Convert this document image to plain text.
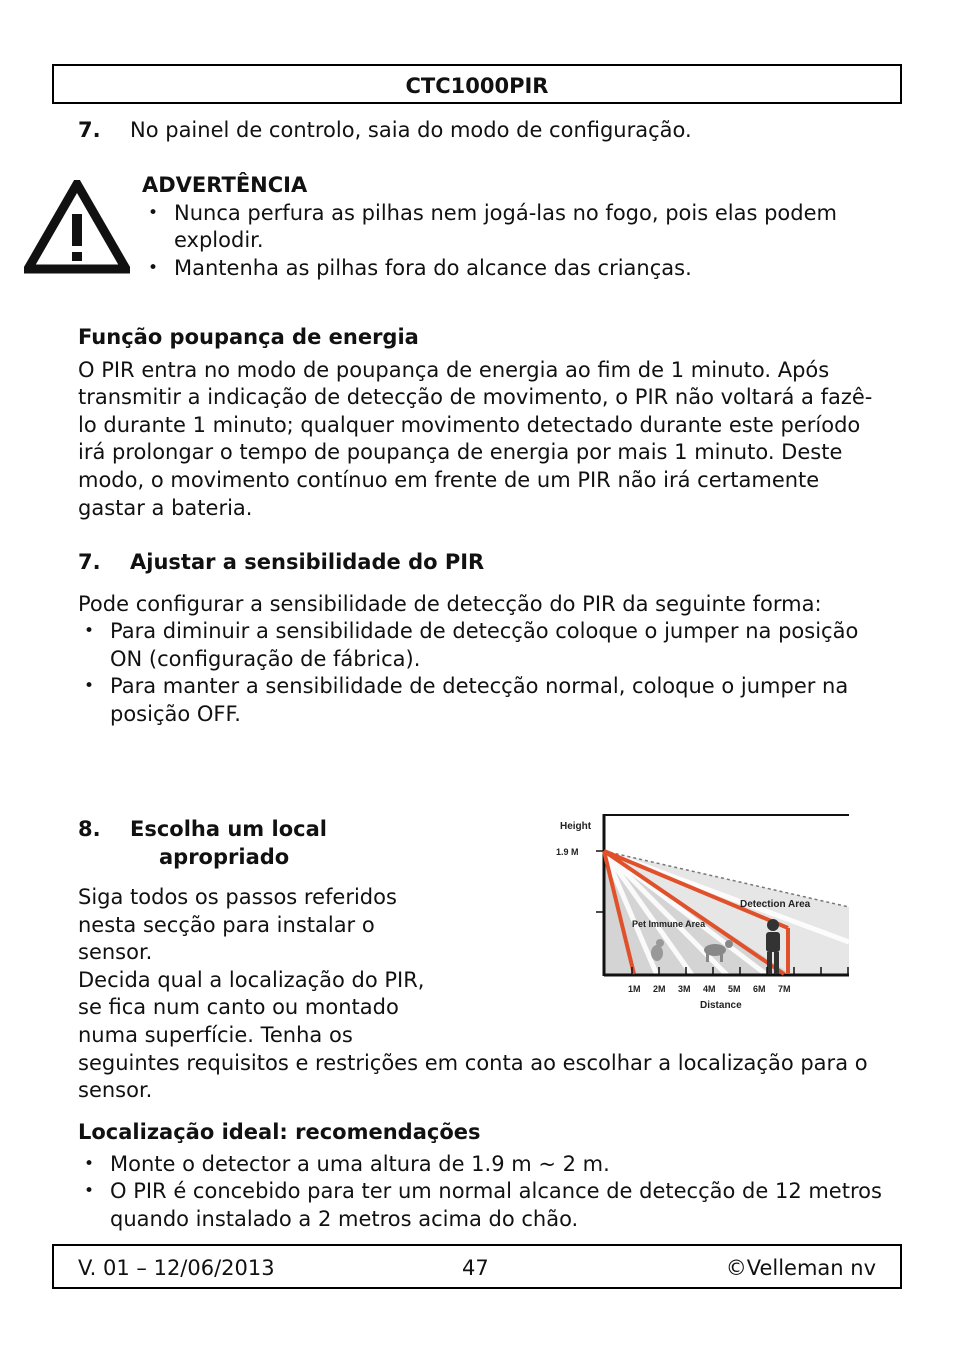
CTC1000PIR
7. No painel de controlo, saia do modo de configuração.
ADVERTÊNCIA
• Nunca perfura as pilhas nem jogá-las no fogo, pois elas podem explodir.
• Mantenha as pilhas fora do alcance das crianças.
Função poupança de energia

O PIR entra no modo de poupança de energia ao fim de 1 minuto. Após transmitir a indicação de detecção de movimento, o PIR não voltará a fazê-lo durante 1 minuto; qualquer movimento detectado durante este período irá prolongar o tempo de poupança de energia por mais 1 minuto. Deste modo, o movimento contínuo em frente de um PIR não irá certamente gastar a bateria.

7. Ajustar a sensibilidade do PIR

Pode configurar a sensibilidade de detecção do PIR da seguinte forma:

• Para diminuir a sensibilidade de detecção coloque o jumper na posição ON (configuração de fábrica).
• Para manter a sensibilidade de detecção normal, coloque o jumper na posição OFF.
8. Escolha um local
apropriado
Siga todos os passos referidos
nesta secção para instalar o
sensor.
Decida qual a localização do PIR,
se fica num canto ou montado
numa superfície. Tenha os

seguintes requisitos e restrições em conta ao escolhar a localização para o sensor.

Height
1.9 M
Detection Area
Pet Immune Area
1M 2M 3M 4M 5M 6M 7M
Distance
Localização ideal: recomendações
• Monte o detector a uma altura de 1.9 m ~ 2 m.
• O PIR é concebido para ter um normal alcance de detecção de 12 metros quando instalado a 2 metros acima do chão.
V. 01 – 12/06/2013	47	©Velleman nv
